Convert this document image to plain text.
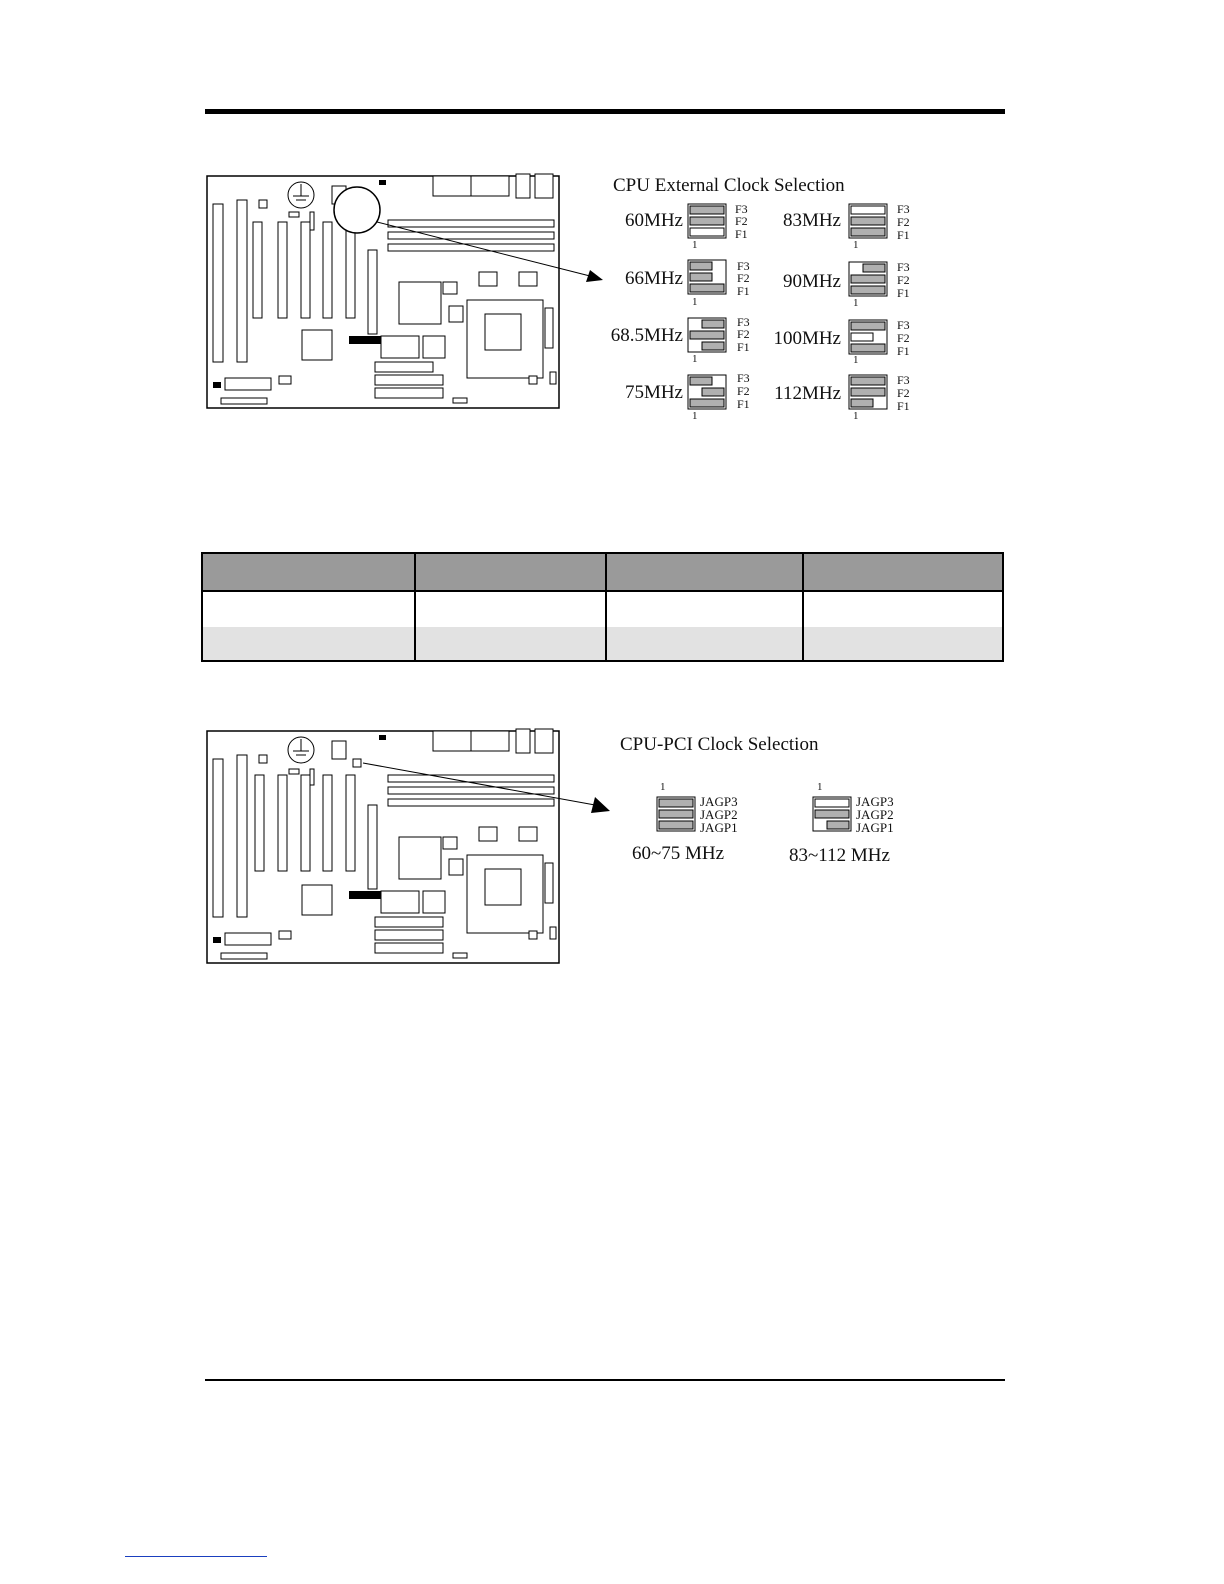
CPU External Clock Selection
60MHz
66MHz
68.5MHz
75MHz
83MHz
90MHz
100MHz
112MHz
F3
F2
F1
F3
F2
F1
F3
F2
F1
F3
F2
F1
F3
F2
F1
F3
F2
F1
F3
F2
F1
F3
F2
F1
1
1
1
1
1
1
1
1

CPU-PCI Clock Selection
1	1
JAGP3
JAGP2
JAGP1
JAGP3
JAGP2
JAGP1
60~75 MHz	83~112 MHz
